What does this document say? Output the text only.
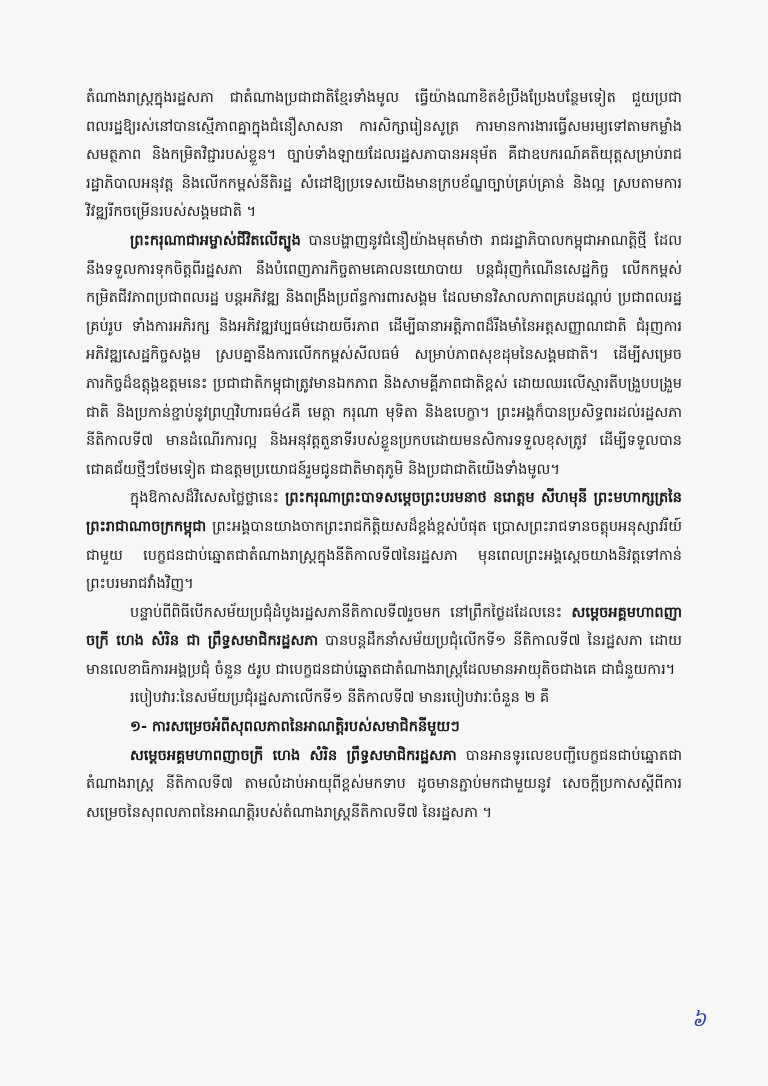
តំណាងរាស្ត្រក្នុងរដ្ឋសភា ជាតំណាងប្រជាជាតិខ្មែរទាំងមូល ធ្វើយ៉ាងណាខិតខំប្រឹងប្រែងបន្ថែមទៀត ជួយប្រជាពលរដ្ឋឱ្យរស់នៅបានស្មើភាពគ្នាក្នុងជំនឿសាសនា ការសិក្សារៀនសូត្រ ការមានការងារធ្វើសមរម្យទៅតាមកម្លាំងសមត្ថភាព និងកម្រិតវិជ្ជារបស់ខ្លួន។ ច្បាប់ទាំងឡាយដែលរដ្ឋសភាបានអនុម័ត គឺជាឧបករណ៍គតិយុត្តសម្រាប់រាជរដ្ឋាភិបាលអនុវត្ត និងលើកកម្ពស់នីតិរដ្ឋ សំដៅឱ្យប្រទេសយើងមានក្របខ័ណ្ឌច្បាប់គ្រប់គ្រាន់ និងល្អ ស្របតាមការវិវឌ្ឍរីកចម្រើនរបស់សង្គមជាតិ ។

ព្រះករុណាជាអម្ចាស់ជីវិតលើត្បូង បានបង្ហាញនូវជំនឿយ៉ាងមុតមាំថា រាជរដ្ឋាភិបាលកម្ពុជាអាណត្តិថ្មី ដែលនឹងទទួលការទុកចិត្តពីរដ្ឋសភា នឹងបំពេញភារកិច្ចតាមគោលនយោបាយ បន្តជំរុញកំណើនសេដ្ឋកិច្ច លើកកម្ពស់កម្រិតជីវភាពប្រជាពលរដ្ឋ បន្តអភិវឌ្ឍ និងពង្រឹងប្រព័ន្ធការពារសង្គម ដែលមានវិសាលភាពគ្របដណ្តប់ ប្រជាពលរដ្ឋគ្រប់រូប ទាំងការអភិរក្ស និងអភិវឌ្ឍវប្បធម៌ដោយចីរភាព ដើម្បីធានាអត្តិភាពដ៏រឹងមាំនៃអត្តសញ្ញាណជាតិ ជំរុញការអភិវឌ្ឍសេដ្ឋកិច្ចសង្គម ស្របគ្នានឹងការលើកកម្ពស់សីលធម៌ សម្រាប់ភាពសុខដុមនៃសង្គមជាតិ។ ដើម្បីសម្រេចភារកិច្ចដ៏ឧត្តុង្គឧត្តមនេះ ប្រជាជាតិកម្ពុជាត្រូវមានឯកភាព និងសាមគ្គីភាពជាតិខ្ពស់ ដោយឈរលើស្មារតីបង្រួបបង្រួមជាតិ និងប្រកាន់ខ្ជាប់នូវព្រហ្មវិហារធម៌៤គឺ មេត្តា ករុណា មុទិតា និងឧបេក្ខា។ ព្រះអង្គក៏បានប្រសិទ្ធពរដល់រដ្ឋសភានីតិកាលទី៧ មានដំណើរការល្អ និងអនុវត្តតួនាទីរបស់ខ្លួនប្រកបដោយមនសិការទទួលខុសត្រូវ ដើម្បីទទួលបានជោគជ័យថ្មីៗថែមទៀត ជាឧត្តមប្រយោជន៍រួមជូនជាតិមាតុភូមិ និងប្រជាជាតិយើងទាំងមូល។

ក្នុងឱកាសដ៏វិសេសថ្លៃថ្លានេះ ព្រះករុណាព្រះបាទសម្តេចព្រះបរមនាថ នរោត្តម សីហមុនី ព្រះមហាក្សត្រនៃព្រះរាជាណាចក្រកម្ពុជា ព្រះអង្គបានយាងចាកព្រះរាជកិត្តិយសដ៏ខ្ពង់ខ្ពស់បំផុត ប្រោសព្រះរាជទានចត្តុបអនុស្សាវរីយ៍ជាមួយ បេក្ខជនជាប់ឆ្នោតជាតំណាងរាស្ត្រក្នុងនីតិកាលទី៧នៃរដ្ឋសភា មុនពេលព្រះអង្គស្តេចយាងនិវត្តទៅកាន់ព្រះបរមរាជវាំងវិញ។

បន្ទាប់ពីពិធីបើកសម័យប្រជុំដំបូងរដ្ឋសភានីតិកាលទី៧រួចមក នៅព្រឹកថ្ងៃដដែលនេះ សម្តេចអគ្គមហាពញាចក្រី ហេង សំរិន ជា ព្រឹទ្ធសមាជិករដ្ឋសភា បានបន្តដឹកនាំសម័យប្រជុំលើកទី១ នីតិកាលទី៧ នៃរដ្ឋសភា ដោយមានលេខាធិការអង្គប្រជុំ ចំនួន ៥រូប ជាបេក្ខជនជាប់ឆ្នោតជាតំណាងរាស្ត្រដែលមានអាយុតិចជាងគេ ជាជំនួយការ។

របៀបវារៈនៃសម័យប្រជុំរដ្ឋសភាលើកទី១ នីតិកាលទី៧ មានរបៀបវារៈចំនួន ២ គឺ

១- ការសម្រេចអំពីសុពលភាពនៃអាណត្តិរបស់សមាជិកនីមួយៗ

សម្តេចអគ្គមហាពញាចក្រី ហេង សំរិន ព្រឹទ្ធសមាជិករដ្ឋសភា បានអានទូរលេខបញ្ជីបេក្ខជនជាប់ឆ្នោតជាតំណាងរាស្ត្រ នីតិកាលទី៧ តាមលំដាប់អាយុពីខ្ពស់មកទាប ដូចមានភ្ជាប់មកជាមួយនូវ សេចក្តីប្រកាសស្តីពីការសម្រេចនៃសុពលភាពនៃអាណត្តិរបស់តំណាងរាស្ត្រនីតិកាលទី៧ នៃរដ្ឋសភា ។

៦
